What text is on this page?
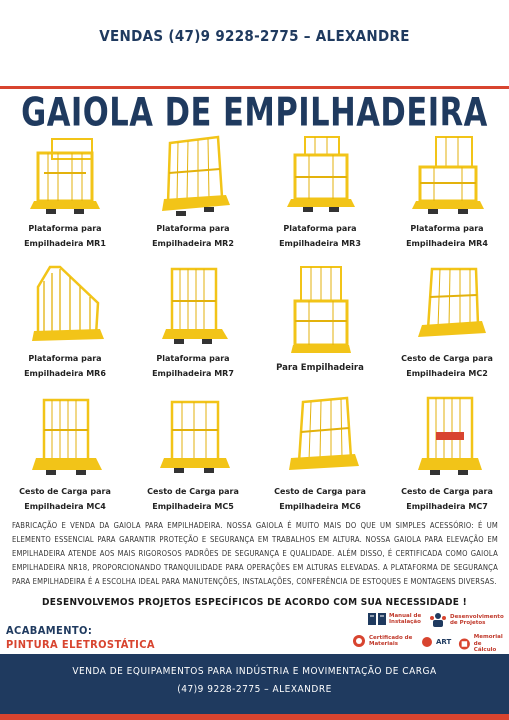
VENDAS (47)9 9228-2775 – ALEXANDRE
GAIOLA DE EMPILHADEIRA
Plataforma para
Empilhadeira MR1
Plataforma para
Empilhadeira MR2
Plataforma para
Empilhadeira MR3
Plataforma para
Empilhadeira MR4
Plataforma para
Empilhadeira MR6
Plataforma para
Empilhadeira MR7
Para Empilhadeira
Cesto de Carga para
Empilhadeira MC2
Cesto de Carga para
Empilhadeira MC4
Cesto de Carga para
Empilhadeira MC5
Cesto de Carga para
Empilhadeira MC6
Cesto de Carga para
Empilhadeira MC7
FABRICAÇÃO E VENDA DA GAIOLA PARA EMPILHADEIRA. NOSSA GAIOLA É MUITO MAIS DO QUE UM SIMPLES ACESSÓRIO: É UM ELEMENTO ESSENCIAL PARA GARANTIR PROTEÇÃO E SEGURANÇA EM TRABALHOS EM ALTURA. NOSSA GAIOLA PARA ELEVAÇÃO EM EMPILHADEIRA ATENDE AOS MAIS RIGOROSOS PADRÕES DE SEGURANÇA E QUALIDADE. ALÉM DISSO, É CERTIFICADA COMO GAIOLA EMPILHADEIRA NR18, PROPORCIONANDO TRANQUILIDADE PARA OPERAÇÕES EM ALTURAS ELEVADAS. A PLATAFORMA DE SEGURANÇA PARA EMPILHADEIRA É A ESCOLHA IDEAL PARA MANUTENÇÕES, INSTALAÇÕES, CONFERÊNCIA DE ESTOQUES E MONTAGENS DIVERSAS.
DESENVOLVEMOS PROJETOS ESPECÍFICOS DE ACORDO COM SUA NECESSIDADE !
ACABAMENTO:
PINTURA ELETROSTÁTICA
Manual de
Instalação
Desenvolvimento
de Projetos
Certificado de
Materiais	ART
Memorial de
Cálculo
VENDA DE EQUIPAMENTOS PARA INDÚSTRIA E MOVIMENTAÇÃO DE CARGA
(47)9 9228-2775 – ALEXANDRE
